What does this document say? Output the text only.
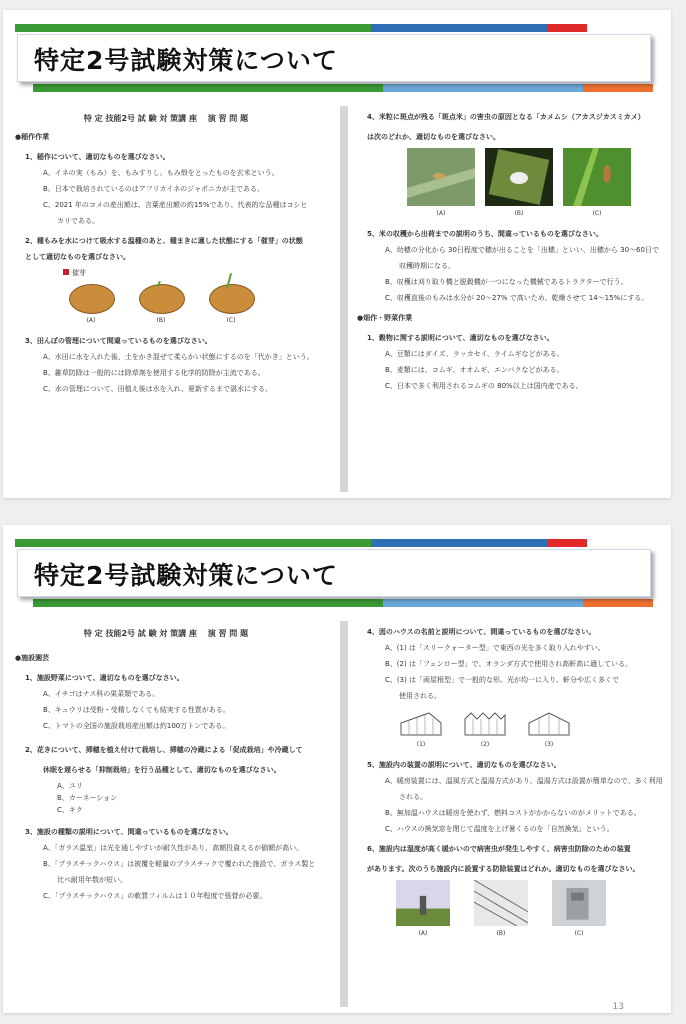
特定2号試験対策について
特 定 技能2号 試 験 対 策講 座　 演 習 問 題
●稲作作業
1、稲作について、適切なものを選びなさい。
A、イネの実（もみ）を、もみすりし、もみ殻をとったものを玄米という。
B、日本で栽培されているのはアフリカイネのジャポニカが主である。
C、2021 年のコメの産出額は、言葉産出額の約15%であり、代表的な品種はコシヒ
カリである。
2、種もみを水につけて吸水する温種のあと、種まきに適した状態にする「催芽」の状態
として適切なものを選びなさい。
催芽
(A)	(B)	(C)
3、田んぼの管理について間違っているものを選びなさい。
A、水田に水を入れた後、土をかき混ぜて柔らかい状態にするのを「代かき」という。
B、雑草防除は一般的には除草剤を使用する化学的防除が主流である。
C、水の管理について、田植え後は水を入れ、夏新するまで湛水にする。
4、米粒に斑点が残る「斑点米」の害虫の原因となる「カメムシ（アカスジカスミカメ）
は次のどれか、適切なものを選びなさい。
(A)	(B)	(C)
5、米の収穫から出荷までの説明のうち、間違っているものを選びなさい。
A、幼穂の分化から 30日程度で穂が出ることを「出穂」といい、出穂から 30～60日で
収穫時期になる。
B、収穫は刈り取り機と脱穀機が一つになった機械であるトラクターで行う。
C、収穫直後のもみは水分が 20～27% で高いため、乾燥させて 14～15%にする。
●畑作・野菜作業
1、穀物に関する説明について、適切なものを選びなさい。
A、豆類にはダイズ、ラッカセイ、ライムギなどがある。
B、麦類には、コムギ、オオムギ、エンバクなどがある。
C、日本で多く利用されるコムギの 80%以上は国内産である。
特定2号試験対策について
特 定 技能2号 試 験 対 策講 座　 演 習 問 題
●施設園芸
1、施設野菜について、適切なものを選びなさい。
A、イチゴはナス科の果菜類である。
B、キュウリは受粉・受精しなくても結実する性質がある。
C、トマトの全国の施設栽培産出額は約100万トンである。
2、花きについて、挿穂を植え付けて栽培し、挿穂の冷蔵による「促成栽培」や冷蔵して
休眠を遅らせる「抑制栽培」を行う品種として、適切なものを選びなさい。
A、ユリ
B、カーネーション
C、キク
3、施設の種類の説明について、間違っているものを選びなさい。
A、「ガラス温室」は光を通しやすいが耐久性があり、高額投資えるが価額が高い。
B、「プラスチックハウス」は被覆を軽量のプラスチックで覆われた施設で、ガラス製と
比べ耐用年数が短い。
C、「プラスチックハウス」の軟質フィルムは１０年程度で張替が必要。
4、図のハウスの名前と説明について、間違っているものを選びなさい。
A、(1) は「スリークォーター型」で東西の光を多く取り入れやすい。
B、(2) は「フェンロー型」で、オランダ方式で使用され高軒高に適している。
C、(3) は「両屋根型」で一般的な形。光が均一に入り、軒分や広く多くで
使用される。
(1)	(2)	(3)
5、施設内の装置の説明について、適切なものを選びなさい。
A、暖房装置には、温風方式と温湯方式があり、温湯方式は設置が簡単なので、多く利用
される。
B、無加温ハウスは暖房を使わず、燃料コストがかからないのがメリットである。
C、ハウスの換気窓を閉じて温度を上げ暑くるのを「自然換気」という。
6、施設内は湿度が高く暖かいので病害虫が発生しやすく、病害虫防除のための装置
があります。次のうち施設内に設置する防除装置はどれか。適切なものを選びなさい。
(A)	(B)	(C)
13
